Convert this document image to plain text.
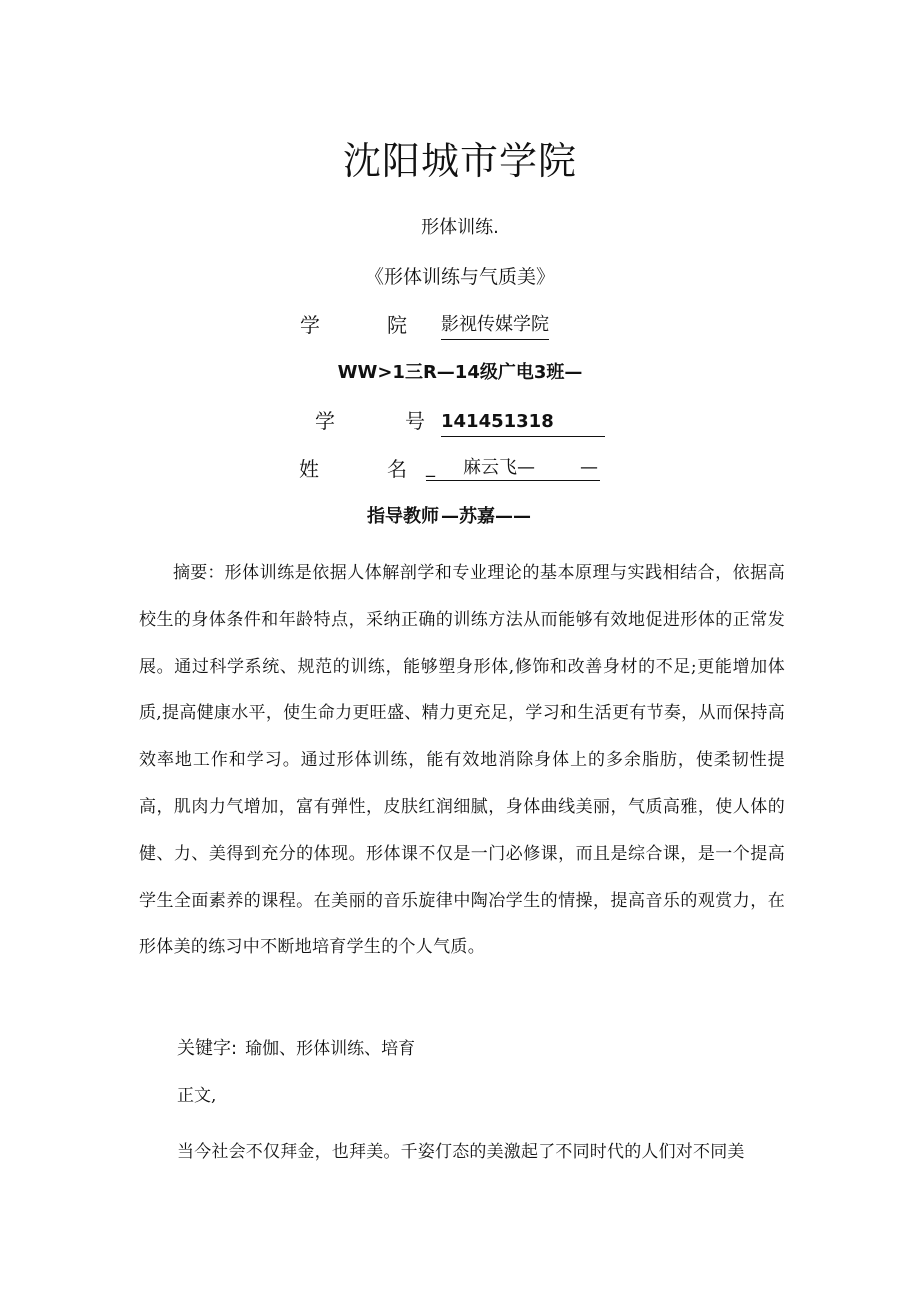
沈阳城市学院
形体训练.
《形体训练与气质美》
学	院 影视传媒学院
WW>1三R—14级广电3班—
学	号 141451318
姓	名 _ 麻云飞—	—
指导教师 —苏嘉——
摘要：形体训练是依据人体解剖学和专业理论的基本原理与实践相结合，依据高校生的身体条件和年龄特点，采纳正确的训练方法从而能够有效地促进形体的正常发展。通过科学系统、规范的训练，能够塑身形体,修饰和改善身材的不足;更能增加体质,提高健康水平，使生命力更旺盛、精力更充足，学习和生活更有节奏，从而保持高效率地工作和学习。通过形体训练，能有效地消除身体上的多余脂肪，使柔韧性提高，肌肉力气增加，富有弹性，皮肤红润细腻，身体曲线美丽，气质高雅，使人体的健、力、美得到充分的体现。形体课不仅是一门必修课，而且是综合课，是一个提高学生全面素养的课程。在美丽的音乐旋律中陶冶学生的情操，提高音乐的观赏力，在形体美的练习中不断地培育学生的个人气质。
关键字: 瑜伽、形体训练、培育
正文,
当今社会不仅拜金，也拜美。千姿仃态的美激起了不同时代的人们对不同美
